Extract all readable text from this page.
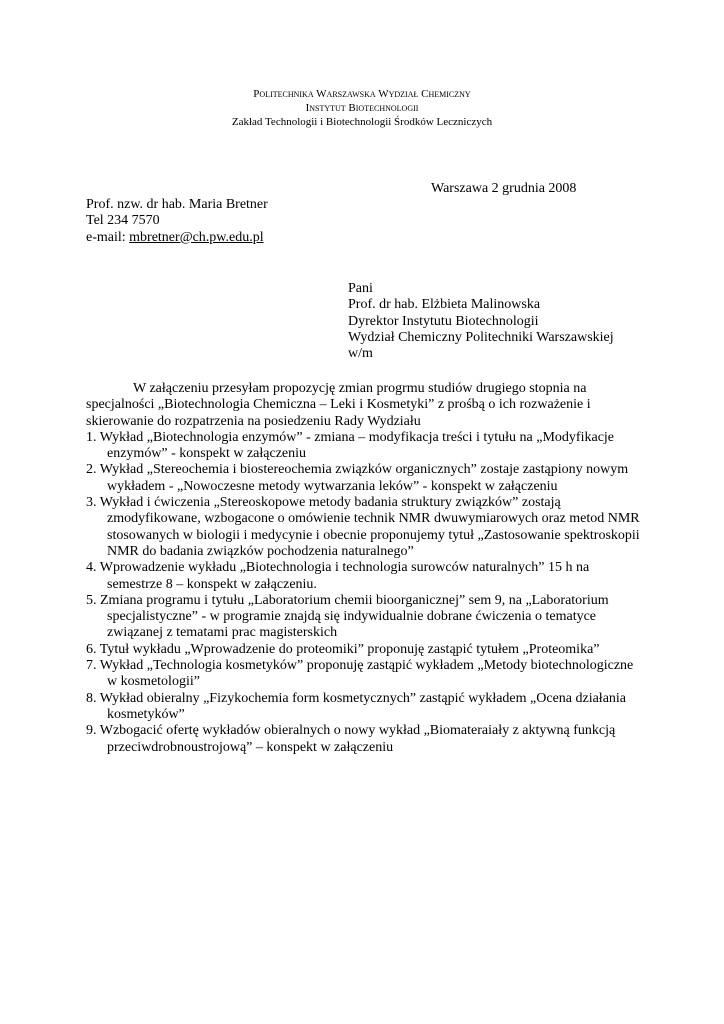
Politechnika Warszawska Wydział Chemiczny
Instytut Biotechnologii
Zakład Technologii i Biotechnologii Środków Leczniczych
Warszawa 2 grudnia 2008
Prof. nzw. dr hab. Maria Bretner
Tel 234 7570
e-mail: mbretner@ch.pw.edu.pl
Pani
Prof. dr hab. Elżbieta Malinowska
Dyrektor Instytutu Biotechnologii
Wydział Chemiczny Politechniki Warszawskiej
w/m

W załączeniu przesyłam propozycję zmian progrmu studiów drugiego stopnia na specjalności „Biotechnologia Chemiczna – Leki i Kosmetyki” z prośbą o ich rozważenie i skierowanie do rozpatrzenia na posiedzeniu Rady Wydziału

1. Wykład „Biotechnologia enzymów” - zmiana – modyfikacja treści i tytułu na „Modyfikacje enzymów” - konspekt w załączeniu
2. Wykład „Stereochemia i biostereochemia związków organicznych” zostaje zastąpiony nowym wykładem - „Nowoczesne metody wytwarzania leków” - konspekt w załączeniu
3. Wykład i ćwiczenia „Stereoskopowe metody badania struktury związków” zostają zmodyfikowane, wzbogacone o omówienie technik NMR dwuwymiarowych oraz metod NMR stosowanych w biologii i medycynie i obecnie proponujemy tytuł „Zastosowanie spektroskopii NMR do badania związków pochodzenia naturalnego”
4. Wprowadzenie wykładu „Biotechnologia i technologia surowców naturalnych” 15 h na semestrze 8 – konspekt w załączeniu.
5. Zmiana programu i tytułu „Laboratorium chemii bioorganicznej” sem 9, na „Laboratorium specjalistyczne” - w programie znajdą się indywidualnie dobrane ćwiczenia o tematyce związanej z tematami prac magisterskich
6. Tytuł wykładu „Wprowadzenie do proteomiki” proponuję zastąpić tytułem „Proteomika”
7. Wykład „Technologia kosmetyków” proponuję zastąpić wykładem „Metody biotechnologiczne w kosmetologii”
8. Wykład obieralny „Fizykochemia form kosmetycznych” zastąpić wykładem „Ocena działania kosmetyków”
9. Wzbogacić ofertę wykładów obieralnych o nowy wykład „Biomateraiały z aktywną funkcją przeciwdrobnoustrojową” – konspekt w załączeniu
